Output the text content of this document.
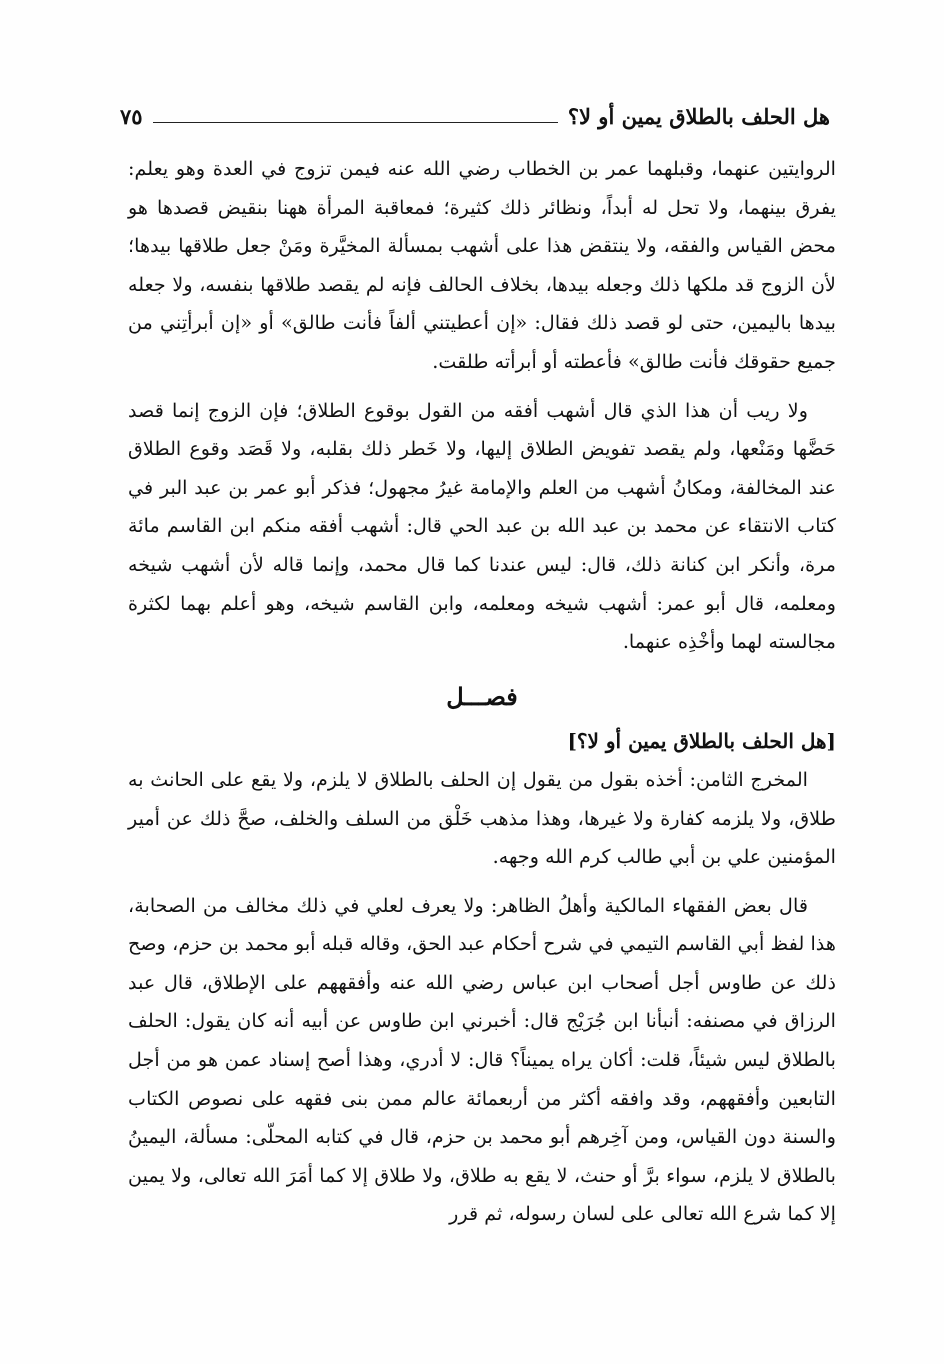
هل الحلف بالطلاق يمين أو لا؟
٧٥

الروايتين عنهما، وقبلهما عمر بن الخطاب رضي الله عنه فيمن تزوج في العدة وهو يعلم: يفرق بينهما، ولا تحل له أبداً، ونظائر ذلك كثيرة؛ فمعاقبة المرأة ههنا بنقيض قصدها هو محض القياس والفقه، ولا ينتقض هذا على أشهب بمسألة المخيَّرة ومَنْ جعل طلاقها بيدها؛ لأن الزوج قد ملكها ذلك وجعله بيدها، بخلاف الحالف فإنه لم يقصد طلاقها بنفسه، ولا جعله بيدها باليمين، حتى لو قصد ذلك فقال: «إن أعطيتني ألفاً فأنت طالق» أو «إن أبرأتِني من جميع حقوقك فأنت طالق» فأعطته أو أبرأته طلقت.

ولا ريب أن هذا الذي قال أشهب أفقه من القول بوقوع الطلاق؛ فإن الزوج إنما قصد حَضَّها ومَنْعها، ولم يقصد تفويض الطلاق إليها، ولا خَطر ذلك بقلبه، ولا قَصَد وقوع الطلاق عند المخالفة، ومكانُ أشهب من العلم والإمامة غيرُ مجهول؛ فذكر أبو عمر بن عبد البر في كتاب الانتقاء عن محمد بن عبد الله بن عبد الحي قال: أشهب أفقه منكم ابن القاسم مائة مرة، وأنكر ابن كنانة ذلك، قال: ليس عندنا كما قال محمد، وإنما قاله لأن أشهب شيخه ومعلمه، قال أبو عمر: أشهب شيخه ومعلمه، وابن القاسم شيخه، وهو أعلم بهما لكثرة مجالسته لهما وأخْذِه عنهما.

فصـــل

[هل الحلف بالطلاق يمين أو لا؟]

المخرج الثامن: أخذه بقول من يقول إن الحلف بالطلاق لا يلزم، ولا يقع على الحانث به طلاق، ولا يلزمه كفارة ولا غيرها، وهذا مذهب خَلْق من السلف والخلف، صحَّ ذلك عن أمير المؤمنين علي بن أبي طالب كرم الله وجهه.

قال بعض الفقهاء المالكية وأهلُ الظاهر: ولا يعرف لعلي في ذلك مخالف من الصحابة، هذا لفظ أبي القاسم التيمي في شرح أحكام عبد الحق، وقاله قبله أبو محمد بن حزم، وصح ذلك عن طاوس أجل أصحاب ابن عباس رضي الله عنه وأفقههم على الإطلاق، قال عبد الرزاق في مصنفه: أنبأنا ابن جُرَيْج قال: أخبرني ابن طاوس عن أبيه أنه كان يقول: الحلف بالطلاق ليس شيئاً، قلت: أكان يراه يميناً؟ قال: لا أدري، وهذا أصح إسناد عمن هو من أجل التابعين وأفقههم، وقد وافقه أكثر من أربعمائة عالم ممن بنى فقهه على نصوص الكتاب والسنة دون القياس، ومن آخِرهم أبو محمد بن حزم، قال في كتابه المحلّى: مسألة، اليمينُ بالطلاق لا يلزم، سواء برَّ أو حنث، لا يقع به طلاق، ولا طلاق إلا كما أمَرَ الله تعالى، ولا يمين إلا كما شرع الله تعالى على لسان رسوله، ثم قرر
